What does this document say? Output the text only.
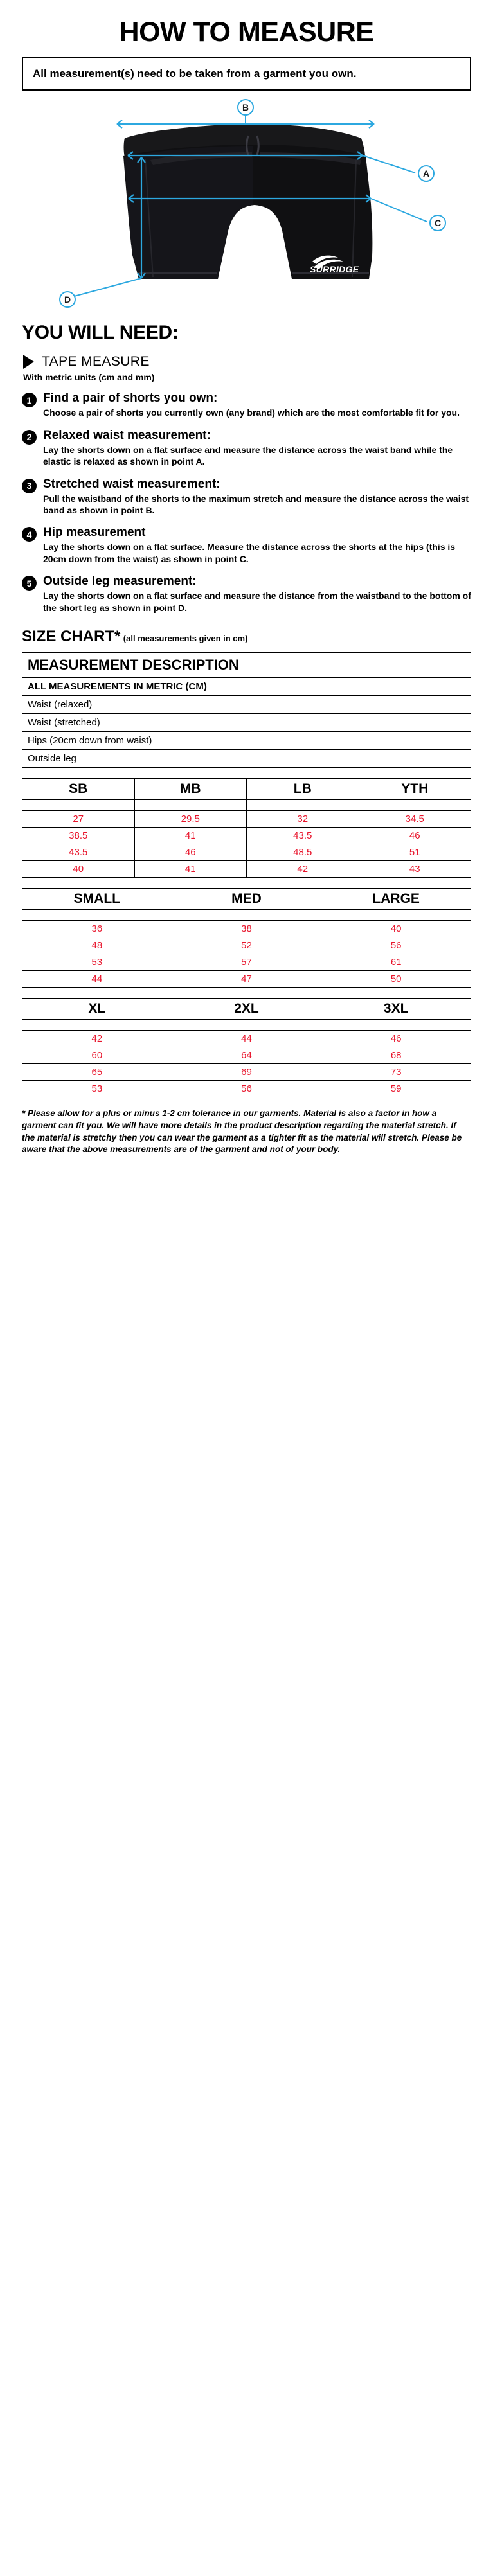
HOW TO MEASURE
All measurement(s) need to be taken from a garment you own.
B
A
C
D
SURRIDGE
YOU WILL NEED:
TAPE MEASURE
With metric units (cm and mm)
1 Find a pair of shorts you own:
Choose a pair of shorts you currently own (any brand) which are the most comfortable fit for you.
2 Relaxed waist measurement:
Lay the shorts down on a flat surface and measure the distance across the waist band while the elastic is relaxed as shown in point A.
3 Stretched waist measurement:
Pull the waistband of the shorts to the maximum stretch and measure the distance across the waist band as shown in point B.
4 Hip measurement
Lay the shorts down on a flat surface. Measure the distance across the shorts at the hips (this is 20cm down from the waist) as shown in point C.
5 Outside leg measurement:
Lay the shorts down on a flat surface and measure the distance from the waistband to the bottom of the short leg as shown in point D.
SIZE CHART* (all measurements given in cm)
MEASUREMENT DESCRIPTION
ALL MEASUREMENTS IN METRIC (CM)
Waist (relaxed)
Waist (stretched)
Hips (20cm down from waist)
Outside leg
SB	MB	LB	YTH

27	29.5	32	34.5
38.5	41	43.5	46
43.5	46	48.5	51
40	41	42	43
SMALL	MED	LARGE

36	38	40
48	52	56
53	57	61
44	47	50
XL	2XL	3XL

42	44	46
60	64	68
65	69	73
53	56	59
* Please allow for a plus or minus 1-2 cm tolerance in our garments. Material is also a factor in how a garment can fit you. We will have more details in the product description regarding the material stretch. If the material is stretchy then you can wear the garment as a tighter fit as the material will stretch. Please be aware that the above measurements are of the garment and not of your body.
